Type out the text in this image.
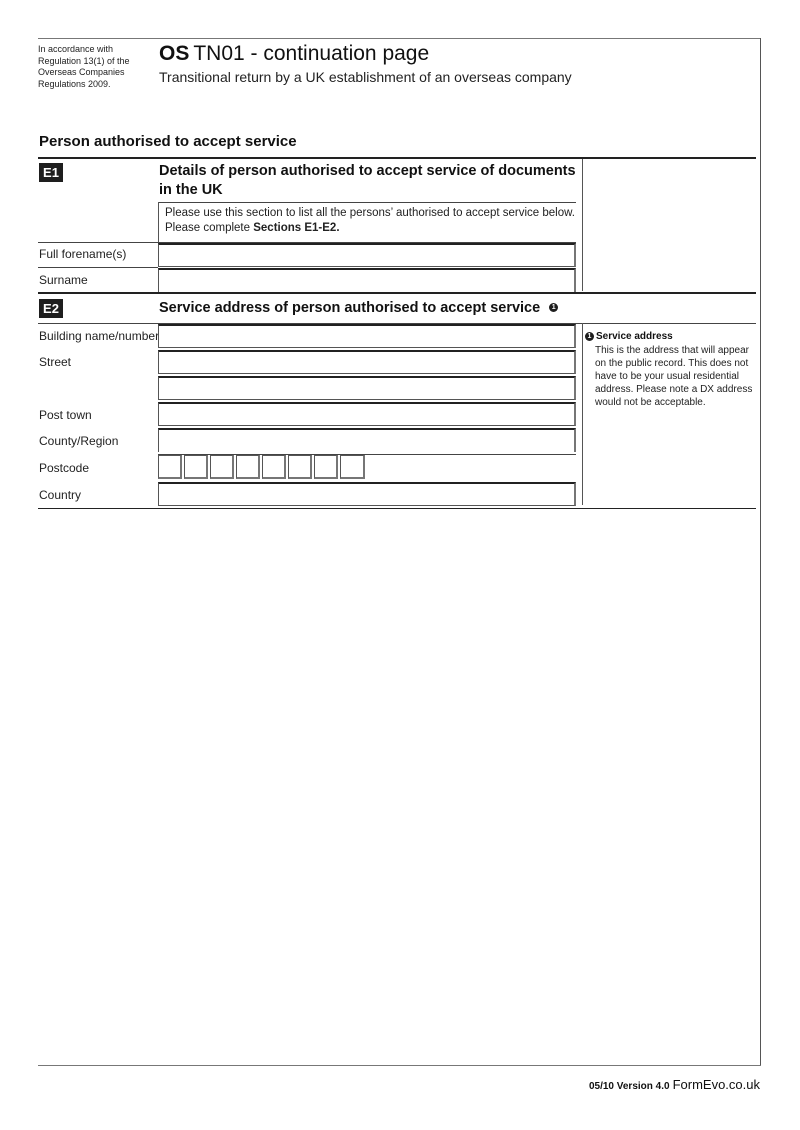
In accordance with Regulation 13(1) of the Overseas Companies Regulations 2009.
OS TN01 - continuation page
Transitional return by a UK establishment of an overseas company
Person authorised to accept service
E1	Details of person authorised to accept service of documents in the UK
Please use this section to list all the persons’ authorised to accept service below. Please complete Sections E1-E2.
Full forename(s)
Surname
E2	Service address of person authorised to accept service 1
Building name/number
Street
Post town
County/Region
Postcode
Country
1 Service address
This is the address that will appear on the public record. This does not have to be your usual residential address. Please note a DX address would not be acceptable.
05/10 Version 4.0 FormEvo.co.uk
